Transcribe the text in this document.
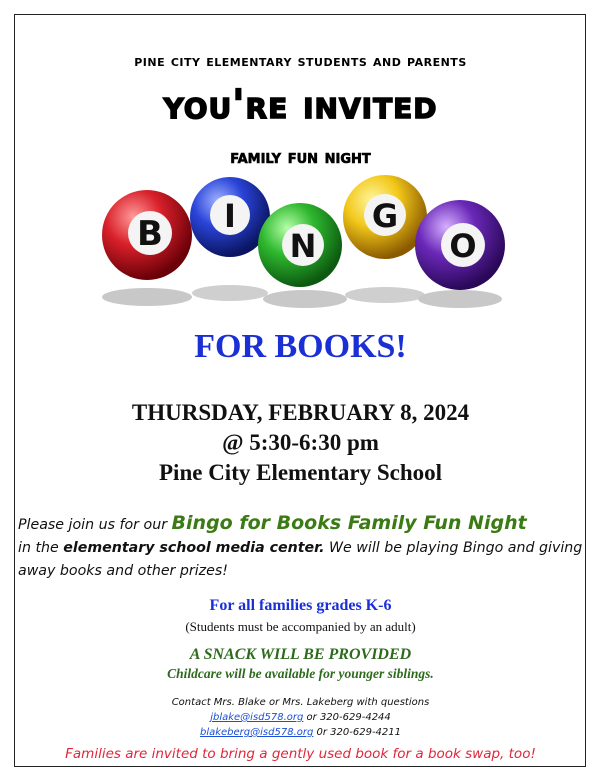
pine city elementary students and parents
you're invited
family fun night
B I
N
G
O
FOR BOOKS!
THURSDAY, FEBRUARY 8, 2024
@ 5:30-6:30 pm
Pine City Elementary School
Please join us for our Bingo for Books Family Fun Night
in the elementary school media center. We will be playing Bingo and giving away books and other prizes!
For all families grades K-6
(Students must be accompanied by an adult)
A SNACK WILL BE PROVIDED
Childcare will be available for younger siblings.
Contact Mrs. Blake or Mrs. Lakeberg with questions
jblake@isd578.org or 320-629-4244
blakeberg@isd578.org 0r 320-629-4211
Families are invited to bring a gently used book for a book swap, too!
